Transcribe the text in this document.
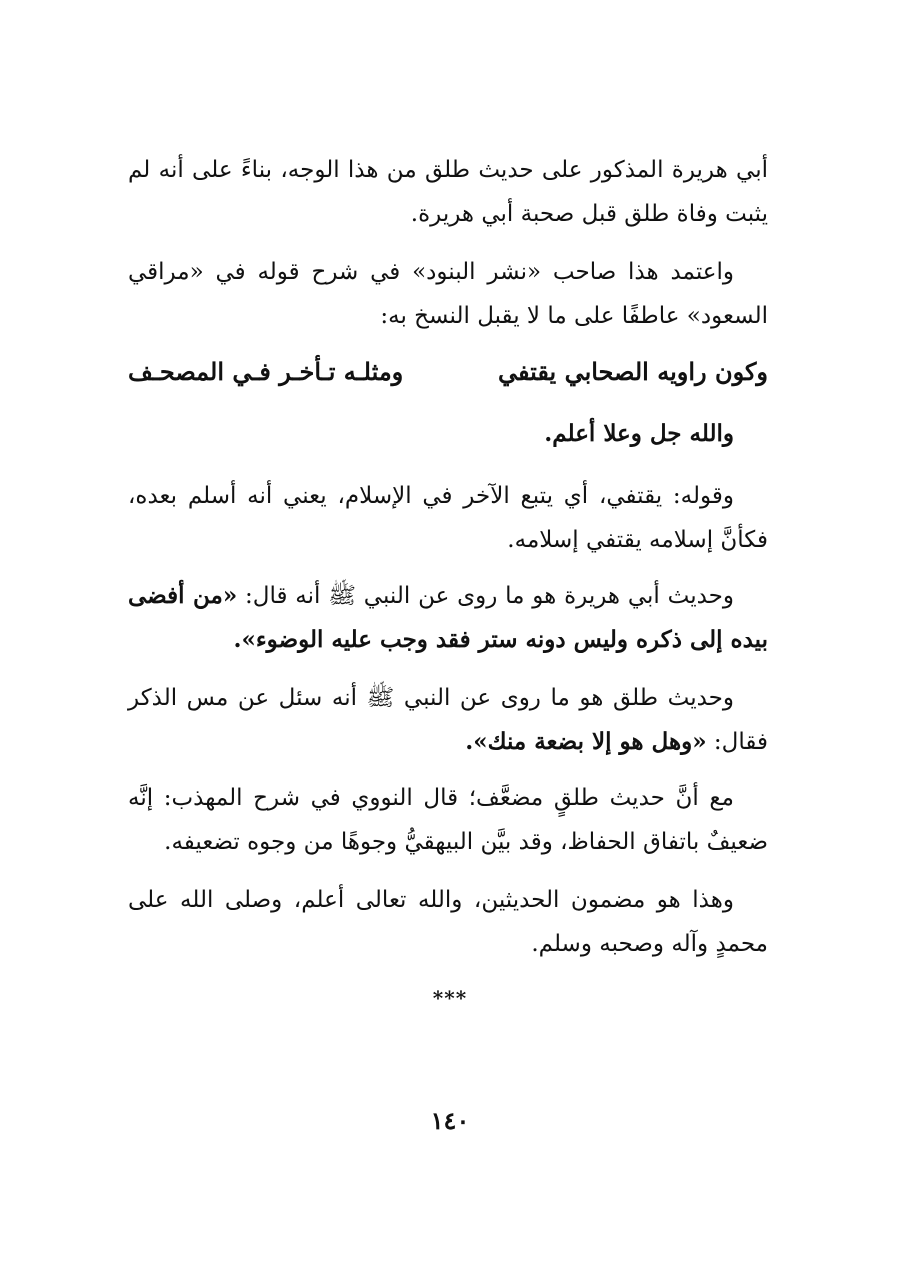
أبي هريرة المذكور على حديث طلق من هذا الوجه، بناءً على أنه لم يثبت وفاة طلق قبل صحبة أبي هريرة.

واعتمد هذا صاحب «نشر البنود» في شرح قوله في «مراقي السعود» عاطفًا على ما لا يقبل النسخ به:

وكون راويه الصحابي يقتفي
ومثلـه تـأخـر فـي المصحـف

والله جل وعلا أعلم.

وقوله: يقتفي، أي يتبع الآخر في الإسلام، يعني أنه أسلم بعده، فكأنَّ إسلامه يقتفي إسلامه.

وحديث أبي هريرة هو ما روى عن النبي ﷺ أنه قال: «من أفضى بيده إلى ذكره وليس دونه ستر فقد وجب عليه الوضوء».

وحديث طلق هو ما روى عن النبي ﷺ أنه سئل عن مس الذكر فقال: «وهل هو إلا بضعة منك».

مع أنَّ حديث طلقٍ مضعَّف؛ قال النووي في شرح المهذب: إنَّه ضعيفٌ باتفاق الحفاظ، وقد بيَّن البيهقيُّ وجوهًا من وجوه تضعيفه.

وهذا هو مضمون الحديثين، والله تعالى أعلم، وصلى الله على محمدٍ وآله وصحبه وسلم.

***
١٤٠
